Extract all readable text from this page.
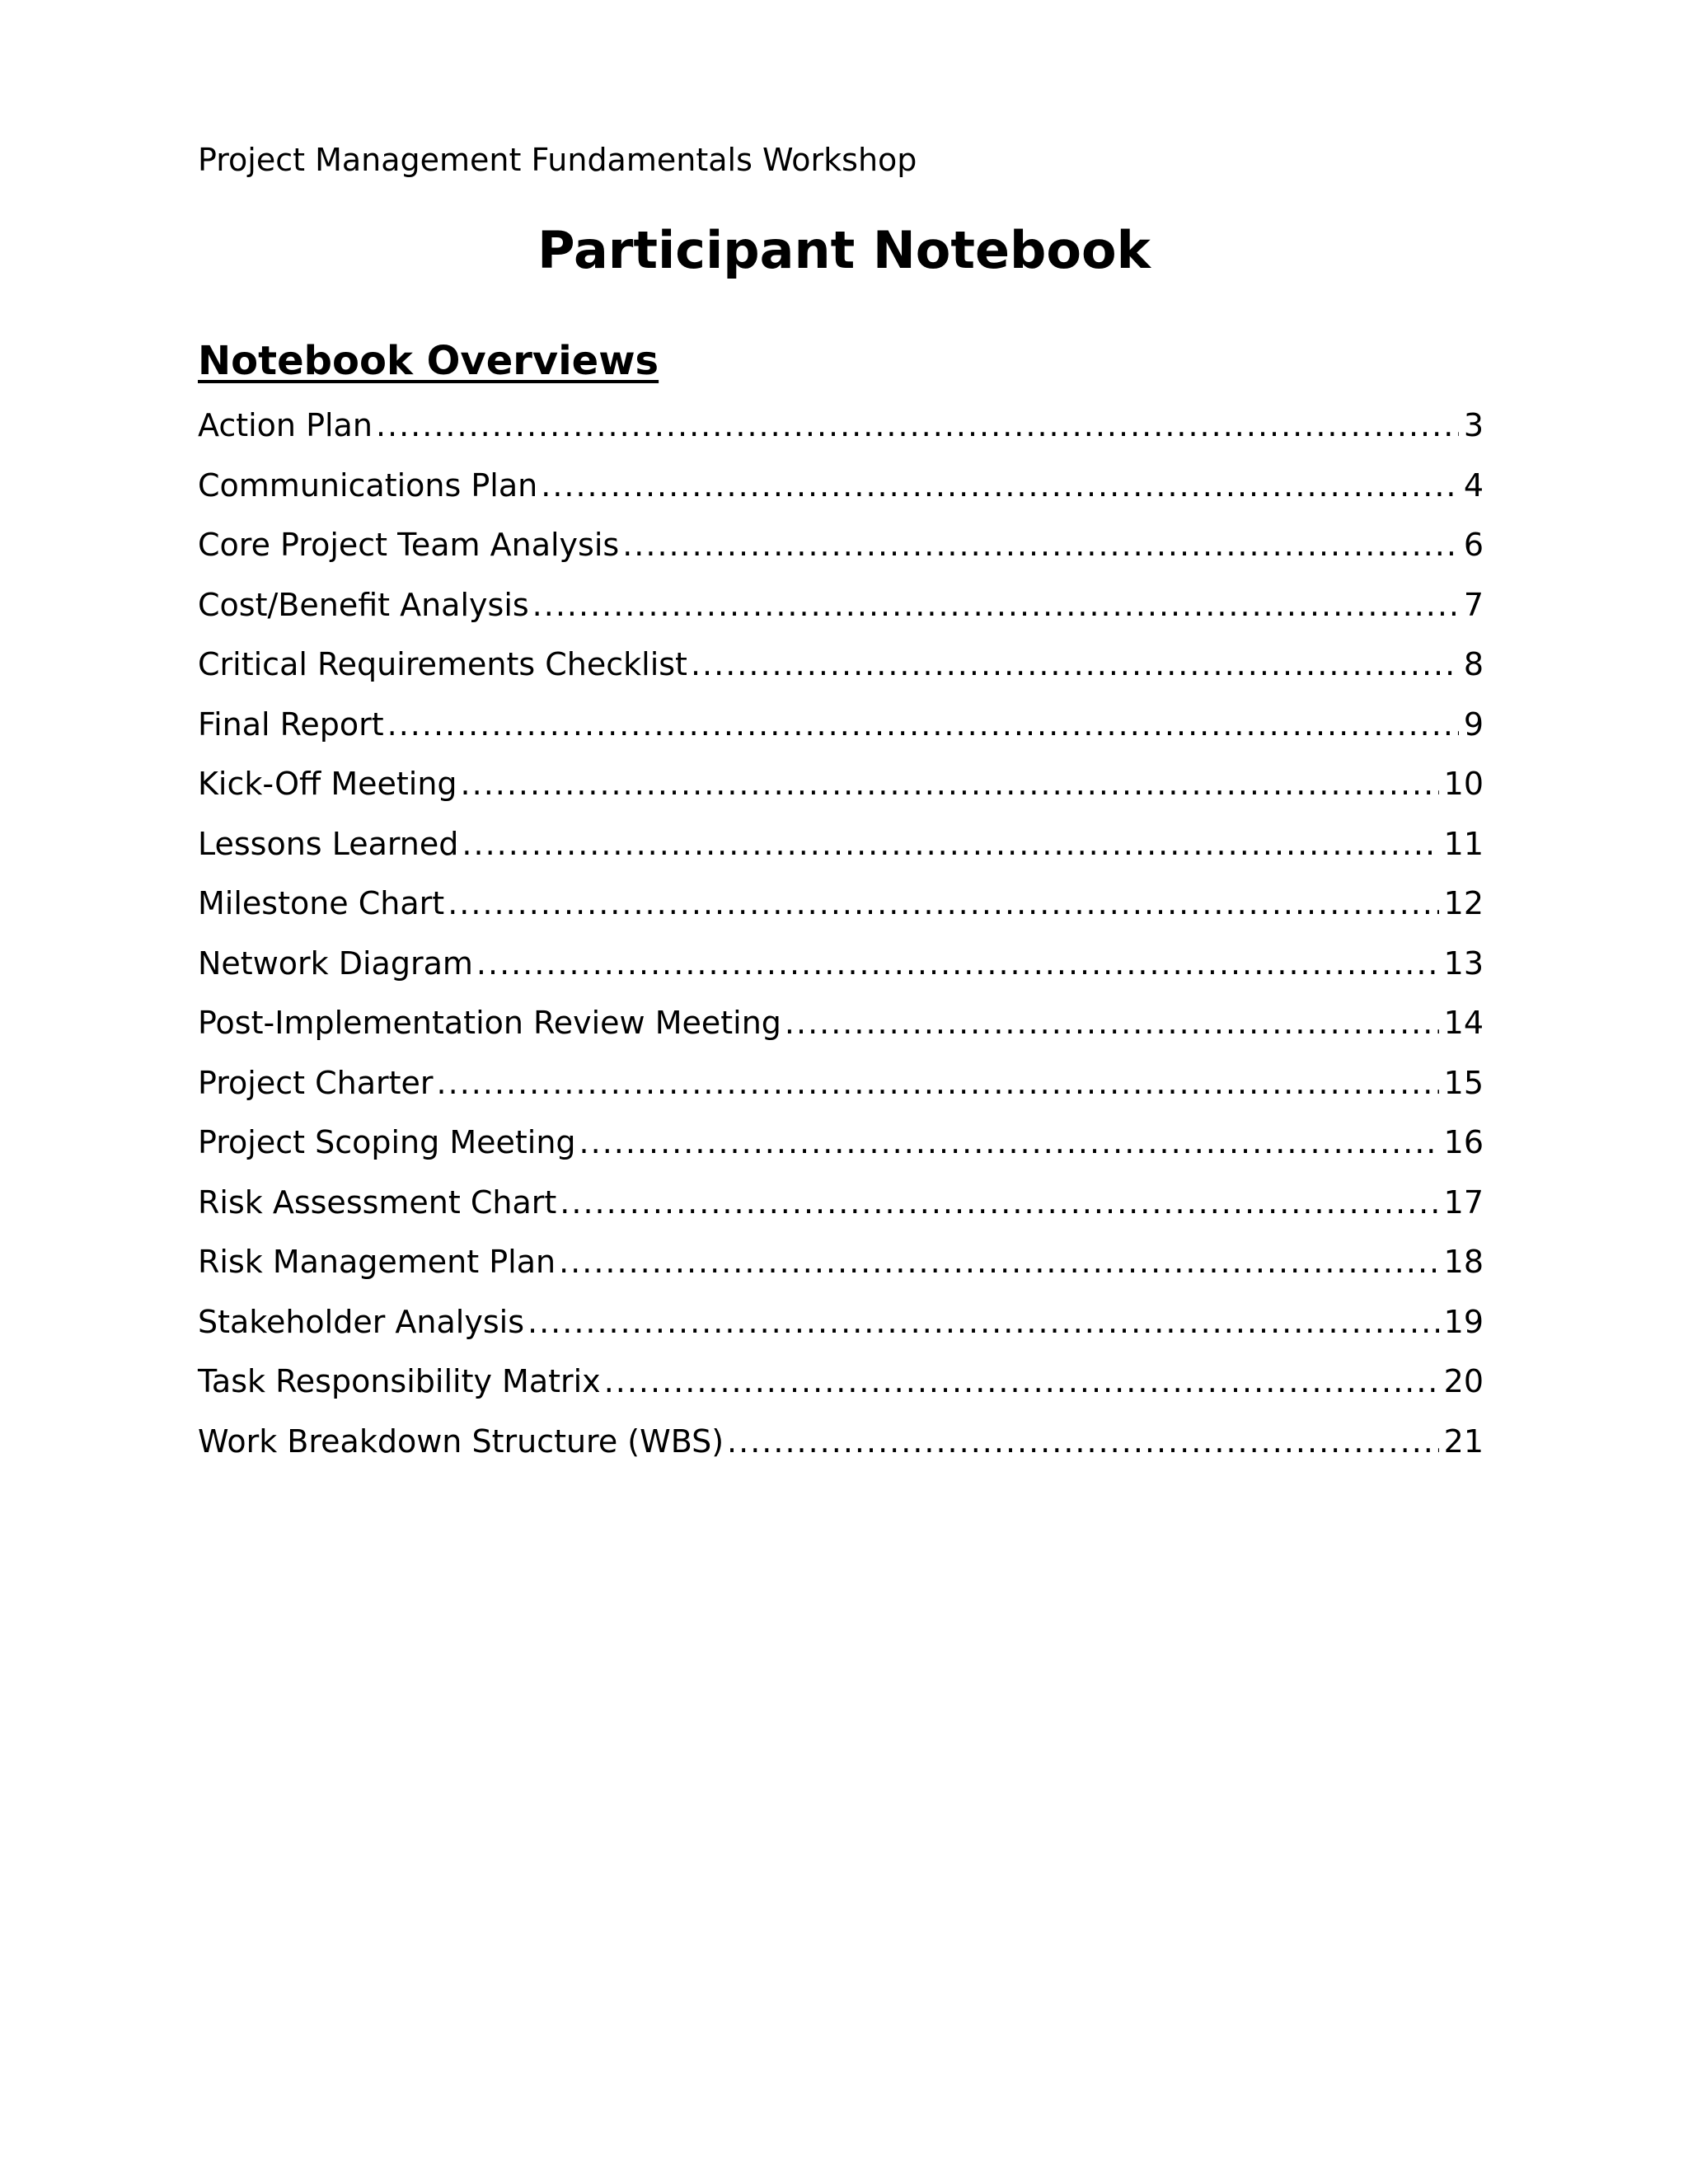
Project Management Fundamentals Workshop
Participant Notebook
Notebook Overviews
Action Plan .....	3
Communications Plan .....	4
Core Project Team Analysis .....	6
Cost/Benefit Analysis .....	7
Critical Requirements Checklist .....	8
Final Report .....	9
Kick-Off Meeting .....	10
Lessons Learned .....	11
Milestone Chart .....	12
Network Diagram .....	13
Post-Implementation Review Meeting .....	14
Project Charter .....	15
Project Scoping Meeting .....	16
Risk Assessment Chart .....	17
Risk Management Plan .....	18
Stakeholder Analysis .....	19
Task Responsibility Matrix .....	20
Work Breakdown Structure (WBS) .....	21
